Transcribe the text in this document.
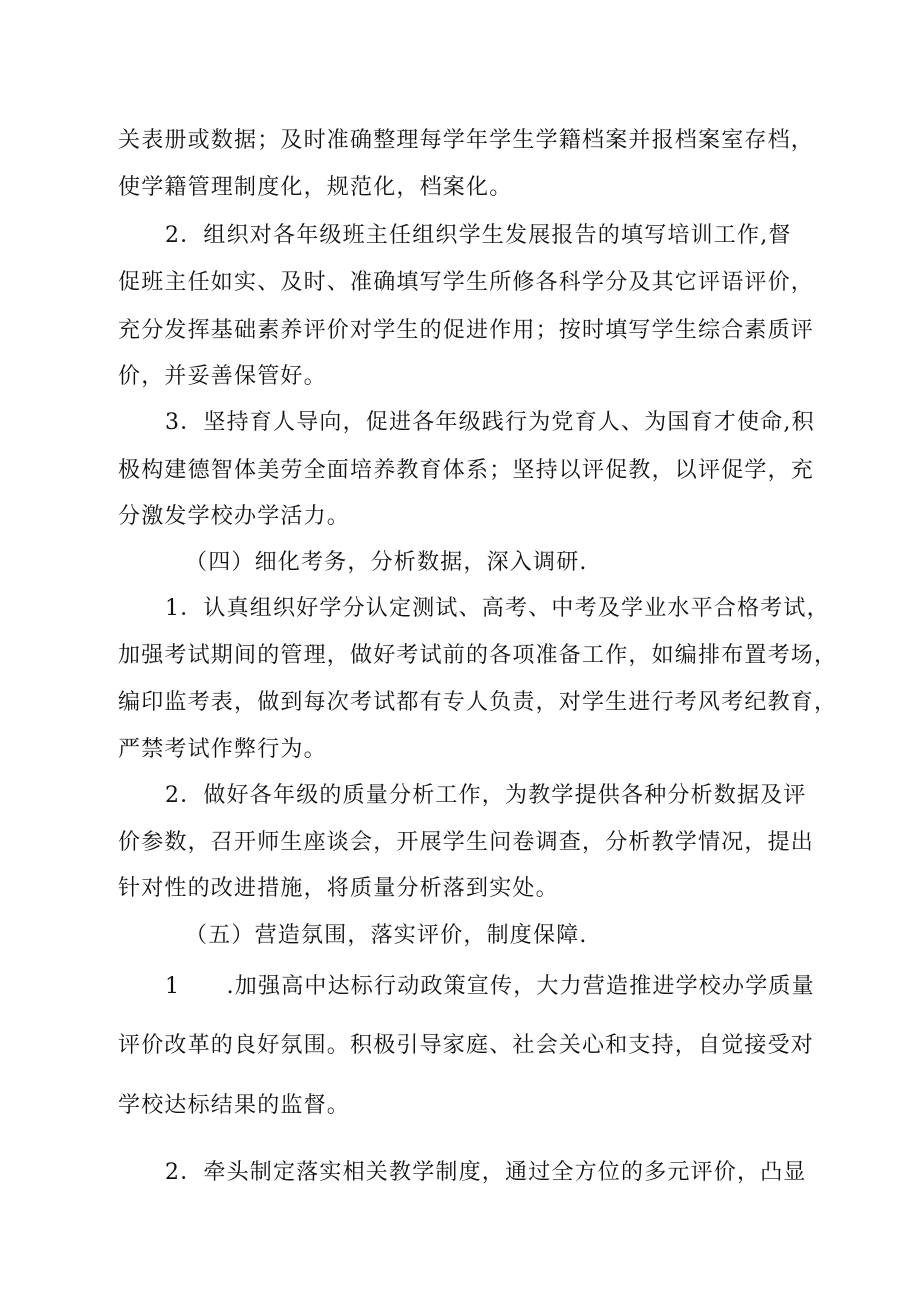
关表册或数据；及时准确整理每学年学生学籍档案并报档案室存档，
使学籍管理制度化，规范化，档案化。
2．组织对各年级班主任组织学生发展报告的填写培训工作,督
促班主任如实、及时、准确填写学生所修各科学分及其它评语评价，
充分发挥基础素养评价对学生的促进作用；按时填写学生综合素质评
价，并妥善保管好。
3．坚持育人导向，促进各年级践行为党育人、为国育才使命,积
极构建德智体美劳全面培养教育体系；坚持以评促教，以评促学，充
分激发学校办学活力。
（四）细化考务，分析数据，深入调研.
1．认真组织好学分认定测试、高考、中考及学业水平合格考试，
加强考试期间的管理，做好考试前的各项准备工作，如编排布置考场，
编印监考表，做到每次考试都有专人负责，对学生进行考风考纪教育，
严禁考试作弊行为。
2．做好各年级的质量分析工作，为教学提供各种分析数据及评
价参数，召开师生座谈会，开展学生问卷调查，分析教学情况，提出
针对性的改进措施，将质量分析落到实处。
（五）营造氛围，落实评价，制度保障.
1　　.加强高中达标行动政策宣传，大力营造推进学校办学质量
评价改革的良好氛围。积极引导家庭、社会关心和支持，自觉接受对
学校达标结果的监督。
2．牵头制定落实相关教学制度，通过全方位的多元评价，凸显
